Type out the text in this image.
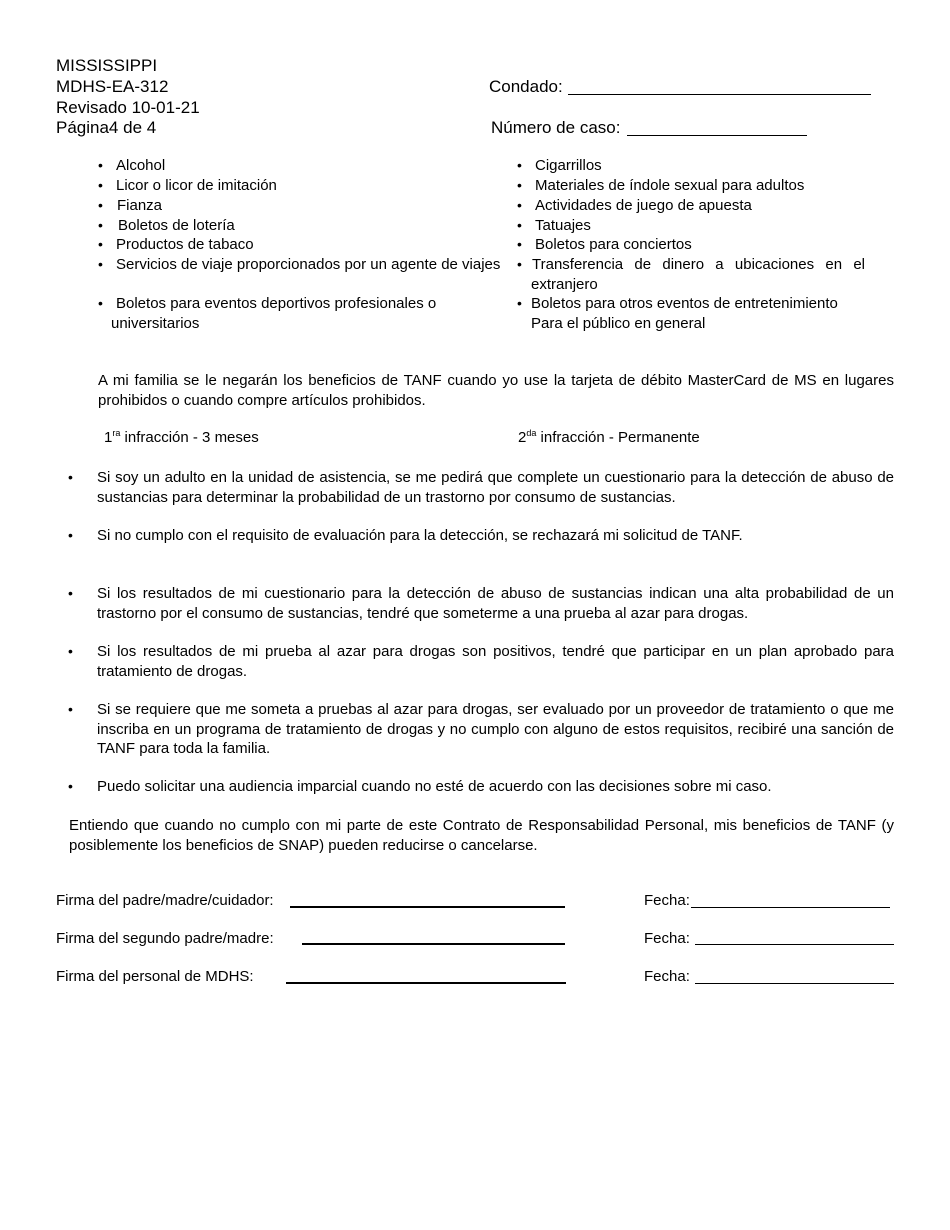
MISSISSIPPI
MDHS-EA-312
Revisado 10-01-21
Página4 de 4
Condado:
Número de caso:
• Alcohol
• Licor o licor de imitación
• Fianza
• Boletos de lotería
• Productos de tabaco
• Servicios de viaje proporcionados por un agente de viajes
• Boletos para eventos deportivos profesionales o
universitarios
• Cigarrillos
• Materiales de índole sexual para adultos
• Actividades de juego de apuesta
• Tatuajes
• Boletos para conciertos
• Transferencia de dinero a ubicaciones en el
extranjero
• Boletos para otros eventos de entretenimiento
Para el público en general
A mi familia se le negarán los beneficios de TANF cuando yo use la tarjeta de débito MasterCard de MS en lugares prohibidos o cuando compre artículos prohibidos.
$1^{ra}$ infracción - 3 meses	$2^{da}$ infracción - Permanente
• Si soy un adulto en la unidad de asistencia, se me pedirá que complete un cuestionario para la detección de abuso de sustancias para determinar la probabilidad de un trastorno por consumo de sustancias.
• Si no cumplo con el requisito de evaluación para la detección, se rechazará mi solicitud de TANF.
• Si los resultados de mi cuestionario para la detección de abuso de sustancias indican una alta probabilidad de un trastorno por el consumo de sustancias, tendré que someterme a una prueba al azar para drogas.
• Si los resultados de mi prueba al azar para drogas son positivos, tendré que participar en un plan aprobado para tratamiento de drogas.
• Si se requiere que me someta a pruebas al azar para drogas, ser evaluado por un proveedor de tratamiento o que me inscriba en un programa de tratamiento de drogas y no cumplo con alguno de estos requisitos, recibiré una sanción de TANF para toda la familia.
• Puedo solicitar una audiencia imparcial cuando no esté de acuerdo con las decisiones sobre mi caso.
Entiendo que cuando no cumplo con mi parte de este Contrato de Responsabilidad Personal, mis beneficios de TANF (y posiblemente los beneficios de SNAP) pueden reducirse o cancelarse.
Firma del padre/madre/cuidador:	Fecha:
Firma del segundo padre/madre:	Fecha:
Firma del personal de MDHS:	Fecha:
